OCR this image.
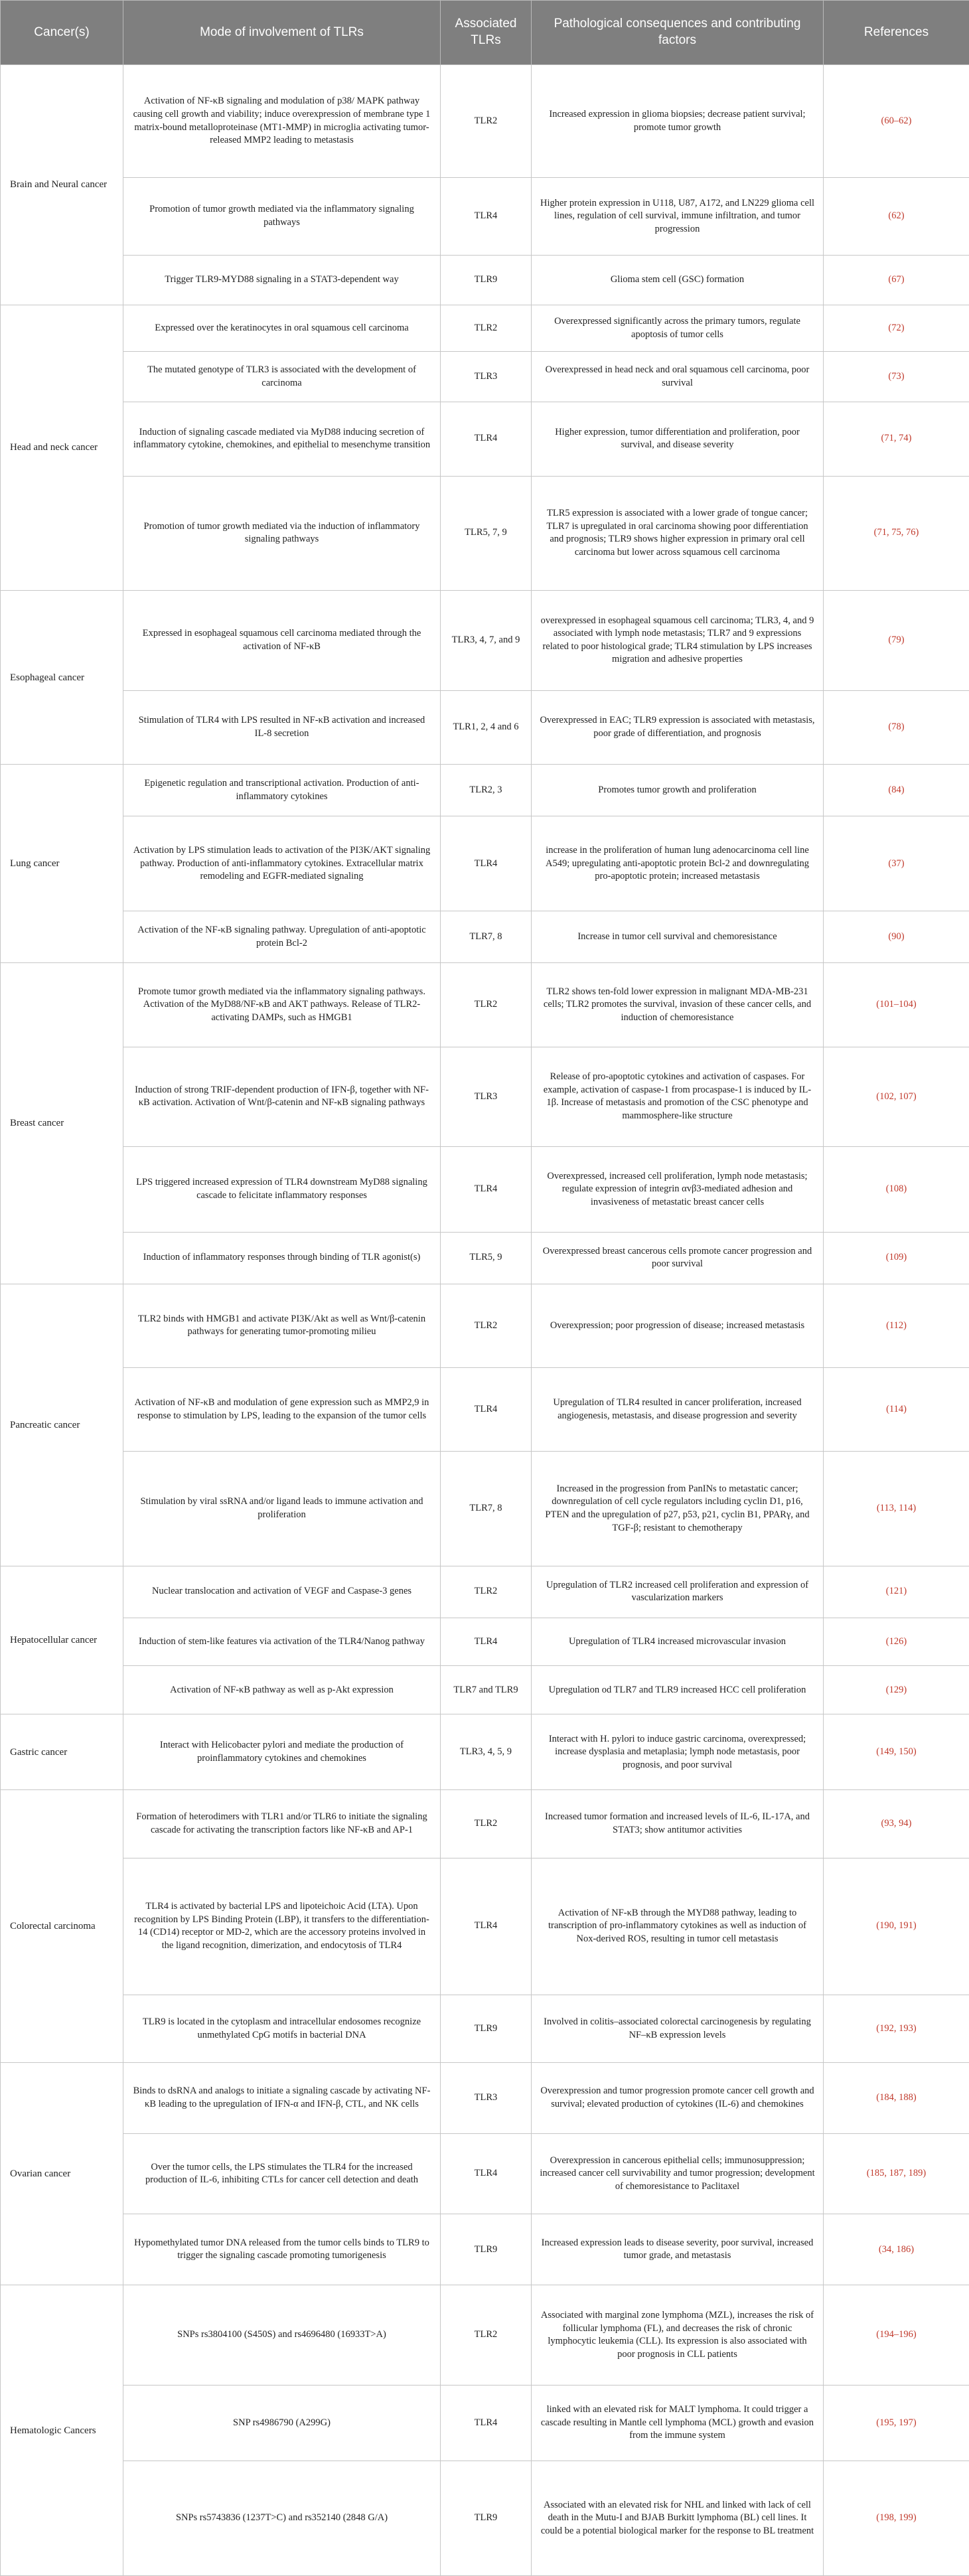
Cancer(s)	Mode of involvement of TLRs	Associated TLRs	Pathological consequences and contributing factors	References
Brain and Neural cancer	Activation of NF-κB signaling and modulation of p38/ MAPK pathway causing cell growth and viability; induce overexpression of membrane type 1 matrix-bound metalloproteinase (MT1-MMP) in microglia activating tumor-released MMP2 leading to metastasis	TLR2	Increased expression in glioma biopsies; decrease patient survival; promote tumor growth	(60–62)
	Promotion of tumor growth mediated via the inflammatory signaling pathways	TLR4	Higher protein expression in U118, U87, A172, and LN229 glioma cell lines, regulation of cell survival, immune infiltration, and tumor progression	(62)
	Trigger TLR9-MYD88 signaling in a STAT3-dependent way	TLR9	Glioma stem cell (GSC) formation	(67)
Head and neck cancer	Expressed over the keratinocytes in oral squamous cell carcinoma	TLR2	Overexpressed significantly across the primary tumors, regulate apoptosis of tumor cells	(72)
	The mutated genotype of TLR3 is associated with the development of carcinoma	TLR3	Overexpressed in head neck and oral squamous cell carcinoma, poor survival	(73)
	Induction of signaling cascade mediated via MyD88 inducing secretion of inflammatory cytokine, chemokines, and epithelial to mesenchyme transition	TLR4	Higher expression, tumor differentiation and proliferation, poor survival, and disease severity	(71, 74)
	Promotion of tumor growth mediated via the induction of inflammatory signaling pathways	TLR5, 7, 9	TLR5 expression is associated with a lower grade of tongue cancer; TLR7 is upregulated in oral carcinoma showing poor differentiation and prognosis; TLR9 shows higher expression in primary oral cell carcinoma but lower across squamous cell carcinoma	(71, 75, 76)
Esophageal cancer	Expressed in esophageal squamous cell carcinoma mediated through the activation of NF-κB	TLR3, 4, 7, and 9	overexpressed in esophageal squamous cell carcinoma; TLR3, 4, and 9 associated with lymph node metastasis; TLR7 and 9 expressions related to poor histological grade; TLR4 stimulation by LPS increases migration and adhesive properties	(79)
	Stimulation of TLR4 with LPS resulted in NF-κB activation and increased IL-8 secretion	TLR1, 2, 4 and 6	Overexpressed in EAC; TLR9 expression is associated with metastasis, poor grade of differentiation, and prognosis	(78)
Lung cancer	Epigenetic regulation and transcriptional activation. Production of anti-inflammatory cytokines	TLR2, 3	Promotes tumor growth and proliferation	(84)
	Activation by LPS stimulation leads to activation of the PI3K/AKT signaling pathway. Production of anti-inflammatory cytokines. Extracellular matrix remodeling and EGFR-mediated signaling	TLR4	increase in the proliferation of human lung adenocarcinoma cell line A549; upregulating anti-apoptotic protein Bcl-2 and downregulating pro-apoptotic protein; increased metastasis	(37)
	Activation of the NF-κB signaling pathway. Upregulation of anti-apoptotic protein Bcl-2	TLR7, 8	Increase in tumor cell survival and chemoresistance	(90)
Breast cancer	Promote tumor growth mediated via the inflammatory signaling pathways. Activation of the MyD88/NF-κB and AKT pathways. Release of TLR2-activating DAMPs, such as HMGB1	TLR2	TLR2 shows ten-fold lower expression in malignant MDA-MB-231 cells; TLR2 promotes the survival, invasion of these cancer cells, and induction of chemoresistance	(101–104)
	Induction of strong TRIF-dependent production of IFN-β, together with NF-κB activation. Activation of Wnt/β-catenin and NF-κB signaling pathways	TLR3	Release of pro-apoptotic cytokines and activation of caspases. For example, activation of caspase-1 from procaspase-1 is induced by IL-1β. Increase of metastasis and promotion of the CSC phenotype and mammosphere-like structure	(102, 107)
	LPS triggered increased expression of TLR4 downstream MyD88 signaling cascade to felicitate inflammatory responses	TLR4	Overexpressed, increased cell proliferation, lymph node metastasis; regulate expression of integrin αvβ3-mediated adhesion and invasiveness of metastatic breast cancer cells	(108)
	Induction of inflammatory responses through binding of TLR agonist(s)	TLR5, 9	Overexpressed breast cancerous cells promote cancer progression and poor survival	(109)
Pancreatic cancer	TLR2 binds with HMGB1 and activate PI3K/Akt as well as Wnt/β-catenin pathways for generating tumor-promoting milieu	TLR2	Overexpression; poor progression of disease; increased metastasis	(112)
	Activation of NF-κB and modulation of gene expression such as MMP2,9 in response to stimulation by LPS, leading to the expansion of the tumor cells	TLR4	Upregulation of TLR4 resulted in cancer proliferation, increased angiogenesis, metastasis, and disease progression and severity	(114)
	Stimulation by viral ssRNA and/or ligand leads to immune activation and proliferation	TLR7, 8	Increased in the progression from PanINs to metastatic cancer; downregulation of cell cycle regulators including cyclin D1, p16, PTEN and the upregulation of p27, p53, p21, cyclin B1, PPARγ, and TGF-β; resistant to chemotherapy	(113, 114)
Hepatocellular cancer	Nuclear translocation and activation of VEGF and Caspase-3 genes	TLR2	Upregulation of TLR2 increased cell proliferation and expression of vascularization markers	(121)
	Induction of stem-like features via activation of the TLR4/Nanog pathway	TLR4	Upregulation of TLR4 increased microvascular invasion	(126)
	Activation of NF-κB pathway as well as p-Akt expression	TLR7 and TLR9	Upregulation od TLR7 and TLR9 increased HCC cell proliferation	(129)
Gastric cancer	Interact with Helicobacter pylori and mediate the production of proinflammatory cytokines and chemokines	TLR3, 4, 5, 9	Interact with H. pylori to induce gastric carcinoma, overexpressed; increase dysplasia and metaplasia; lymph node metastasis, poor prognosis, and poor survival	(149, 150)
Colorectal carcinoma	Formation of heterodimers with TLR1 and/or TLR6 to initiate the signaling cascade for activating the transcription factors like NF-κB and AP-1	TLR2	Increased tumor formation and increased levels of IL-6, IL-17A, and STAT3; show antitumor activities	(93, 94)
	TLR4 is activated by bacterial LPS and lipoteichoic Acid (LTA). Upon recognition by LPS Binding Protein (LBP), it transfers to the differentiation-14 (CD14) receptor or MD-2, which are the accessory proteins involved in the ligand recognition, dimerization, and endocytosis of TLR4	TLR4	Activation of NF-κB through the MYD88 pathway, leading to transcription of pro-inflammatory cytokines as well as induction of Nox-derived ROS, resulting in tumor cell metastasis	(190, 191)
	TLR9 is located in the cytoplasm and intracellular endosomes recognize unmethylated CpG motifs in bacterial DNA	TLR9	Involved in colitis–associated colorectal carcinogenesis by regulating NF–κB expression levels	(192, 193)
Ovarian cancer	Binds to dsRNA and analogs to initiate a signaling cascade by activating NF-κB leading to the upregulation of IFN-α and IFN-β, CTL, and NK cells	TLR3	Overexpression and tumor progression promote cancer cell growth and survival; elevated production of cytokines (IL-6) and chemokines	(184, 188)
	Over the tumor cells, the LPS stimulates the TLR4 for the increased production of IL-6, inhibiting CTLs for cancer cell detection and death	TLR4	Overexpression in cancerous epithelial cells; immunosuppression; increased cancer cell survivability and tumor progression; development of chemoresistance to Paclitaxel	(185, 187, 189)
	Hypomethylated tumor DNA released from the tumor cells binds to TLR9 to trigger the signaling cascade promoting tumorigenesis	TLR9	Increased expression leads to disease severity, poor survival, increased tumor grade, and metastasis	(34, 186)
Hematologic Cancers	SNPs rs3804100 (S450S) and rs4696480 (16933T>A)	TLR2	Associated with marginal zone lymphoma (MZL), increases the risk of follicular lymphoma (FL), and decreases the risk of chronic lymphocytic leukemia (CLL). Its expression is also associated with poor prognosis in CLL patients	(194–196)
	SNP rs4986790 (A299G)	TLR4	linked with an elevated risk for MALT lymphoma. It could trigger a cascade resulting in Mantle cell lymphoma (MCL) growth and evasion from the immune system	(195, 197)
	SNPs rs5743836 (1237T>C) and rs352140 (2848 G/A)	TLR9	Associated with an elevated risk for NHL and linked with lack of cell death in the Mutu-I and BJAB Burkitt lymphoma (BL) cell lines. It could be a potential biological marker for the response to BL treatment	(198, 199)
